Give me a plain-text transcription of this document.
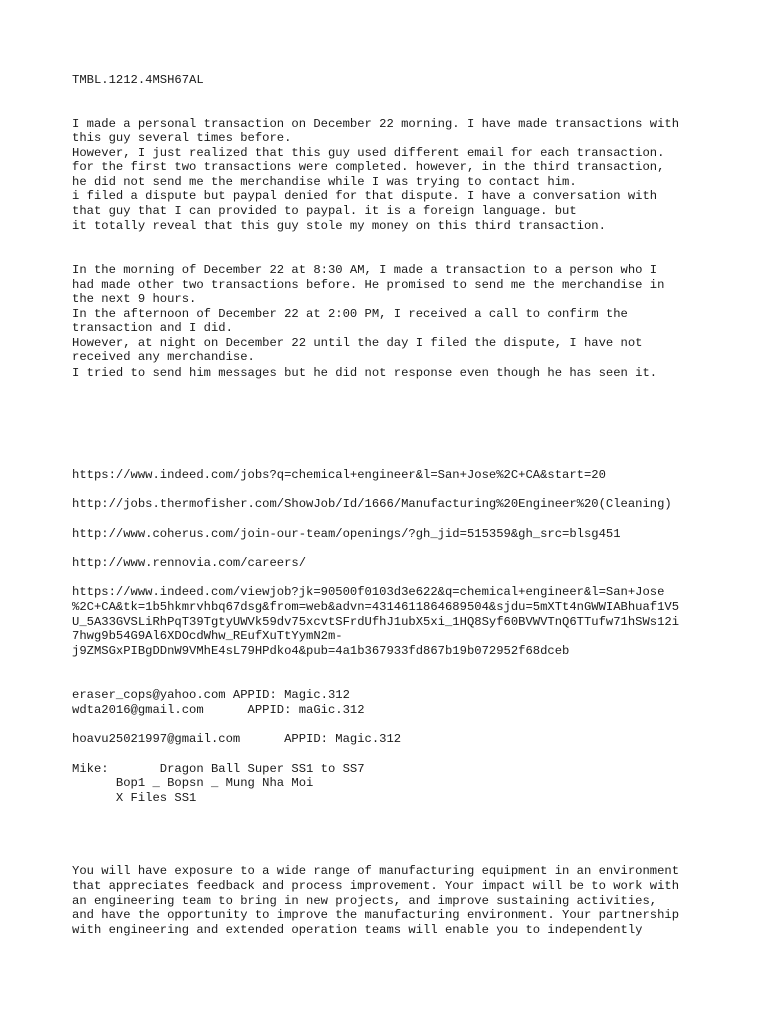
TMBL.1212.4MSH67AL
I made a personal transaction on December 22 morning. I have made transactions with
this guy several times before.
However, I just realized that this guy used different email for each transaction.
for the first two transactions were completed. however, in the third transaction,
he did not send me the merchandise while I was trying to contact him.
i filed a dispute but paypal denied for that dispute. I have a conversation with
that guy that I can provided to paypal. it is a foreign language. but
it totally reveal that this guy stole my money on this third transaction.
In the morning of December 22 at 8:30 AM, I made a transaction to a person who I
had made other two transactions before. He promised to send me the merchandise in
the next 9 hours.
In the afternoon of December 22 at 2:00 PM, I received a call to confirm the
transaction and I did.
However, at night on December 22 until the day I filed the dispute, I have not
received any merchandise.
I tried to send him messages but he did not response even though he has seen it.
https://www.indeed.com/jobs?q=chemical+engineer&l=San+Jose%2C+CA&start=20
http://jobs.thermofisher.com/ShowJob/Id/1666/Manufacturing%20Engineer%20(Cleaning)
http://www.coherus.com/join-our-team/openings/?gh_jid=515359&gh_src=blsg451
http://www.rennovia.com/careers/
https://www.indeed.com/viewjob?jk=90500f0103d3e622&q=chemical+engineer&l=San+Jose
%2C+CA&tk=1b5hkmrvhbq67dsg&from=web&advn=4314611864689504&sjdu=5mXTt4nGWWIABhuaf1V5
U_5A33GVSLiRhPqT39TgtyUWVk59dv75xcvtSFrdUfhJ1ubX5xi_1HQ8Syf60BVWVTnQ6TTufw71hSWs12i
7hwg9b54G9Al6XDOcdWhw_REufXuTtYymN2m-
j9ZMSGxPIBgDDnW9VMhE4sL79HPdko4&pub=4a1b367933fd867b19b072952f68dceb
eraser_cops@yahoo.com APPID: Magic.312
wdta2016@gmail.com      APPID: maGic.312
hoavu25021997@gmail.com      APPID: Magic.312
Mike:       Dragon Ball Super SS1 to SS7
Bop1 _ Bopsn _ Mung Nha Moi
X Files SS1
You will have exposure to a wide range of manufacturing equipment in an environment
that appreciates feedback and process improvement. Your impact will be to work with
an engineering team to bring in new projects, and improve sustaining activities,
and have the opportunity to improve the manufacturing environment. Your partnership
with engineering and extended operation teams will enable you to independently
